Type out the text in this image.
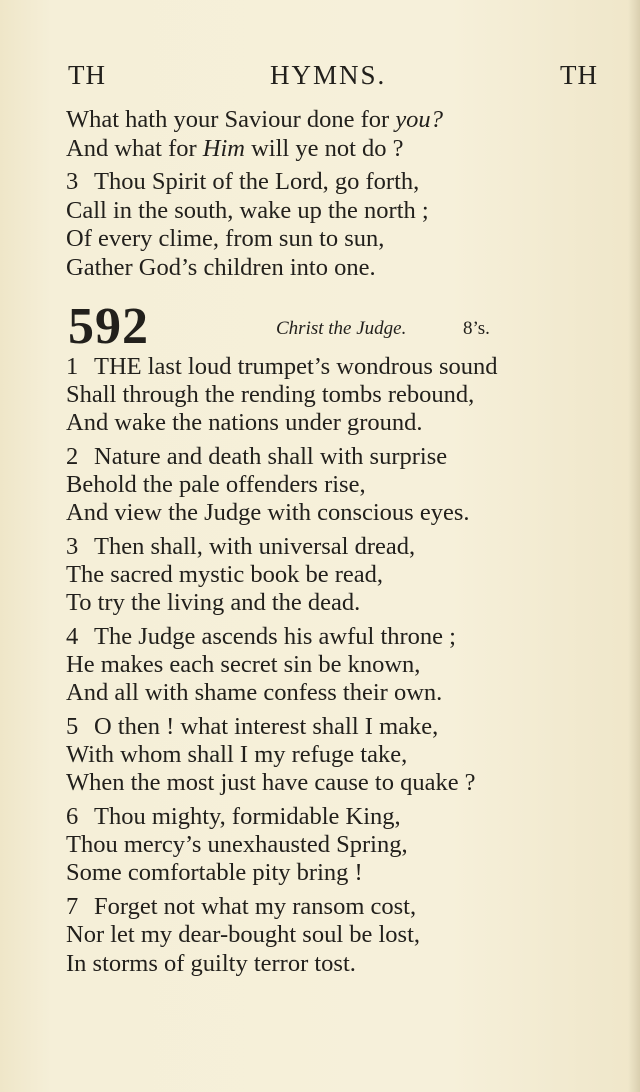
TH	HYMNS.	TH
What hath your Saviour done for you?
And what for Him will ye not do ?
3 Thou Spirit of the Lord, go forth,
Call in the south, wake up the north ;
Of every clime, from sun to sun,
Gather God’s children into one.
592	Christ the Judge.	8’s.
1 THE last loud trumpet’s wondrous sound
Shall through the rending tombs rebound,
And wake the nations under ground.
2 Nature and death shall with surprise
Behold the pale offenders rise,
And view the Judge with conscious eyes.
3 Then shall, with universal dread,
The sacred mystic book be read,
To try the living and the dead.
4 The Judge ascends his awful throne ;
He makes each secret sin be known,
And all with shame confess their own.
5 O then ! what interest shall I make,
With whom shall I my refuge take,
When the most just have cause to quake ?
6 Thou mighty, formidable King,
Thou mercy’s unexhausted Spring,
Some comfortable pity bring !
7 Forget not what my ransom cost,
Nor let my dear-bought soul be lost,
In storms of guilty terror tost.
